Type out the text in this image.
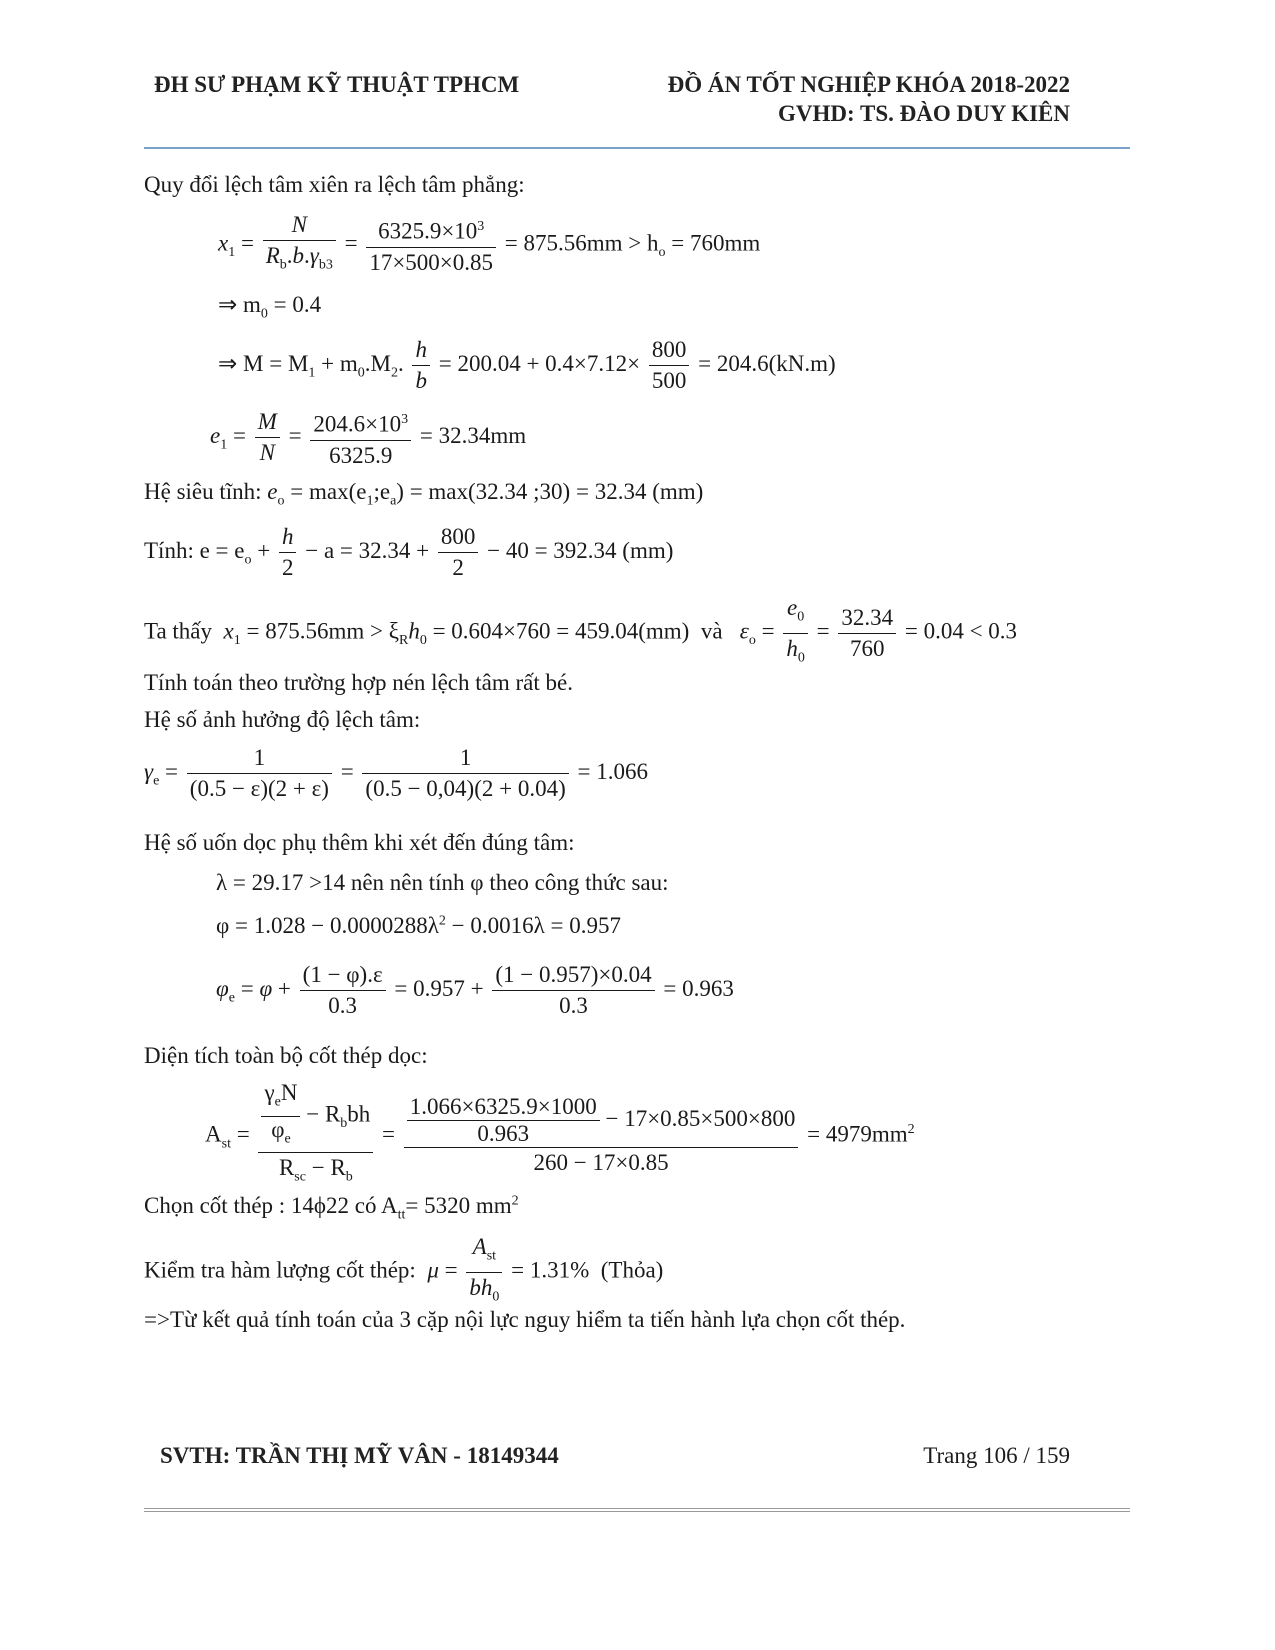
ĐH SƯ PHẠM KỸ THUẬT TPHCM	ĐỒ ÁN TỐT NGHIỆP KHÓA 2018-2022
GVHD: TS. ĐÀO DUY KIÊN
Quy đổi lệch tâm xiên ra lệch tâm phẳng:
$x_1 = \frac{N}{R_b.b.\gamma_{b3}} = \frac{6325.9\times 10^3}{17\times 500\times 0.85} = 875.56mm > h_o = 760mm$
⇒ $m_0 = 0.4$
⇒ $M = M_1 + m_0.M_2$. $\frac{h}{b} = 200.04 + 0.4\times 7.12\times \frac{800}{500} = 204.6(kN.m)$
$e_1 = \frac{M}{N} = \frac{204.6\times 10^3}{6325.9} = 32.34mm$
Hệ siêu tĩnh: $e_o$ = $\max(e_1;e_a) = \max(32.34$ ;30) = 32.34 (mm)
Tính: $e = e_o + \frac{h}{2} - a = 32.34 + \frac{800}{2} - 40 = 392.34$ (mm)
Ta thấy $x_1 = 875.56mm > \xi_Rh_0 = 0.604\times 760 = 459.04(mm)$ và $\varepsilon_o = \frac{e_0}{h_0} = \frac{32.34}{760} = 0.04 < 0.3$
Tính toán theo trường hợp nén lệch tâm rất bé.
Hệ số ảnh hưởng độ lệch tâm:
$\gamma_e = \frac{1}{(0.5 - \varepsilon)(2 + \varepsilon)} = \frac{1}{(0.5 - 0,04)(2 + 0.04)} = 1.066$
Hệ số uốn dọc phụ thêm khi xét đến đúng tâm:
λ = 29.17 >14 nên nên tính φ theo công thức sau:
$\varphi = 1.028 - 0.0000288\lambda^2 - 0.0016\lambda = 0.957$
$\varphi_e = \varphi + \frac{(1 - \varphi).\varepsilon}{0.3} = 0.957 + \frac{(1 - 0.957)\times 0.04}{0.3} = 0.963$
Diện tích toàn bộ cốt thép dọc:
$A_{st} = \frac{\frac{\gamma_eN}{\varphi_e} - R_bbh}{R_{sc} - R_b} = \frac{\frac{1.066\times 6325.9\times 1000}{0.963} - 17\times 0.85\times 500\times 800}{260 - 17\times 0.85} = 4979mm^2$
Chọn cốt thép : 14ϕ22 có $A_{tt}= 5320$ $mm^2$
Kiểm tra hàm lượng cốt thép: $\mu = \frac{A_{st}}{bh_0} = 1.31\%$ (Thỏa)
=>Từ kết quả tính toán của 3 cặp nội lực nguy hiểm ta tiến hành lựa chọn cốt thép.
SVTH: TRẦN THỊ MỸ VÂN - 18149344	Trang 106 / 159
